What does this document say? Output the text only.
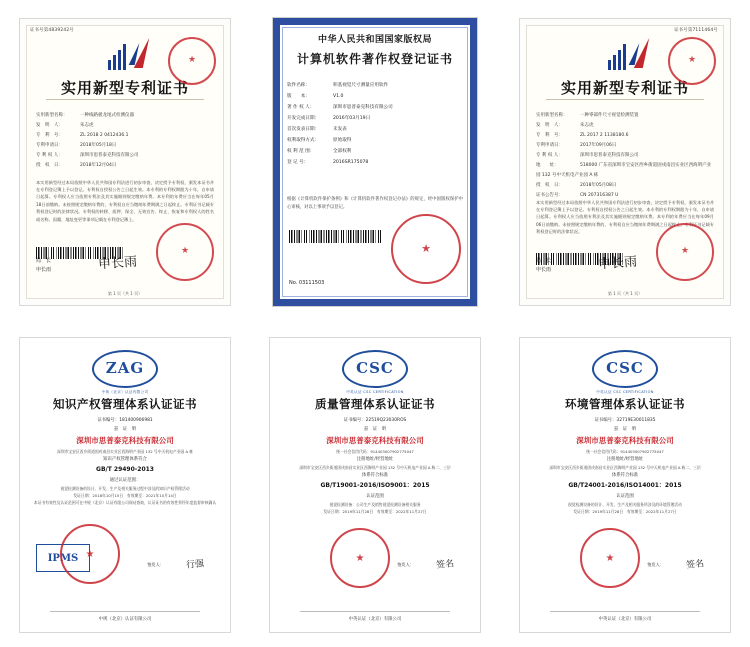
证书号第4839242号
实用新型专利证书
实用新型名称：	一种线路板龙尾式检测仪器
发　明　人：	朱志虎
专　利　号：	ZL 2018 2 0412436.1
专利申请日：	2018年05月18日
专 利 权 人：	深圳市思普泰克科技有限公司
授　权　日：	2018年12月04日
本实用新型经过本局依照中华人民共和国专利法进行初步审查，决定授予专利权，颁发本证书并在专利登记簿上予以登记。专利权自授权公告之日起生效。本专利的专利权期限为十年，自申请日起算。专利权人应当依照专利法及其实施细则规定缴纳年费。本专利的年费应当在每年05月18日前缴纳。未按照规定缴纳年费的，专利权自应当缴纳年费期满之日起终止。专利证书记载专利权登记时的法律状况。专利权的转移、质押、保全、无效宣告、终止、恢复和专利权人的姓名或名称、国籍、地址变更等事项记载在专利登记簿上。
局　长
申长雨	申长雨
★
★
第 1 页（共 1 页）
中华人民共和国国家版权局
计算机软件著作权登记证书
软件名称：	积基视觉尺寸测量应用软件
版　　本：	V1.0
著 作 权 人：	深圳市思普泰克科技有限公司
开发完成日期：	2016年03月19日
首次发表日期：	未发表
权利取得方式：	原始取得
权 利 范 围：	全部权利
登 记 号：	2016SR175078
根据《计算机软件保护条例》和《计算机软件著作权登记办法》的规定，经中国版权保护中心审核，对以上事项予以登记。
No. 03111503
★
证书号第7111464号
实用新型专利证书
实用新型名称：	一种零部件尺寸视觉检测装置
发　明　人：	朱志虎
专　利　号：	ZL 2017 2 1138180.6
专利申请日：	2017年09月06日
专 利 权 人：	深圳市思普泰克科技有限公司
地　　址：	518000 广东省深圳市宝安区西乡街道固戍南昌实业区西海明产业园 132 号中天机电产业园 A 栋
授　权　日：	2018年05月08日
证书公告号：	CN 207316387 U
本实用新型经过本局依照中华人民共和国专利法进行初步审查，决定授予专利权，颁发本证书并在专利登记簿上予以登记。专利权自授权公告之日起生效。本专利的专利权期限为十年，自申请日起算。专利权人应当依照专利法及其实施细则规定缴纳年费。本专利的年费应当在每年09月06日前缴纳。未按照规定缴纳年费的，专利权自应当缴纳年费期满之日起终止。专利证书记载专利权登记时的法律状况。
局　长
申长雨	申长雨
★
★
第 1 页（共 1 页）
ZAG
中规（北京）认证有限公司
知识产权管理体系认证证书
证书编号：181400906981
兹　证　明
深圳市思普泰克科技有限公司
深圳市宝安区西乡街道固戍南昌实业区西海明产业园 132 号中天机电产业园 A 栋
知识产权管理体系符合
GB/T 29490-2013
通过认证范围：
视觉检测设备的设计、开发、生产及相关服务过程中涉及的知识产权管理活动
发证日期：2018年10月15日　有效期至：2021年10月14日
本证书有效性及认证范围可在中规（北京）认证有限公司网站查询，认证证书的有效性须经年度监督审核确认
IPMS ★
签发人： 行强
中规（北京）认证有限公司
CSC
中英认证 CSC CERTIFICATION
质量管理体系认证证书
证书编号：22519Q23030ROS
兹　证　明
深圳市思普泰克科技有限公司
统一社会信用代码：914403007902775047
注册地址/经营地址
深圳市宝安区西乡街道固戍南昌实业区西海明产业园 132 号中天机电产业园 A 栋二、三层
体系符合标准
GB/T19001-2016/ISO9001：2015
认证范围
视觉检测设备：公司生产及销售视觉检测设备相关服务
发证日期：2019年11月28日　有效期至：2022年11月27日
★
签发人： 签名
中英认证（北京）有限公司
CSC
中英认证 CSC CERTIFICATION
环境管理体系认证证书
证书编号：32719E30011835
兹　证　明
深圳市思普泰克科技有限公司
统一社会信用代码：914403007902775047
注册地址/经营地址
深圳市宝安区西乡街道固戍南昌实业区西海明产业园 132 号中天机电产业园 A 栋二、三层
体系符合标准
GB/T24001-2016/ISO14001：2015
认证范围
视觉检测设备的设计、开发、生产及相关服务所涉及的环境管理活动
发证日期：2019年11月28日　有效期至：2022年11月27日
★
签发人： 签名
中英认证（北京）有限公司
